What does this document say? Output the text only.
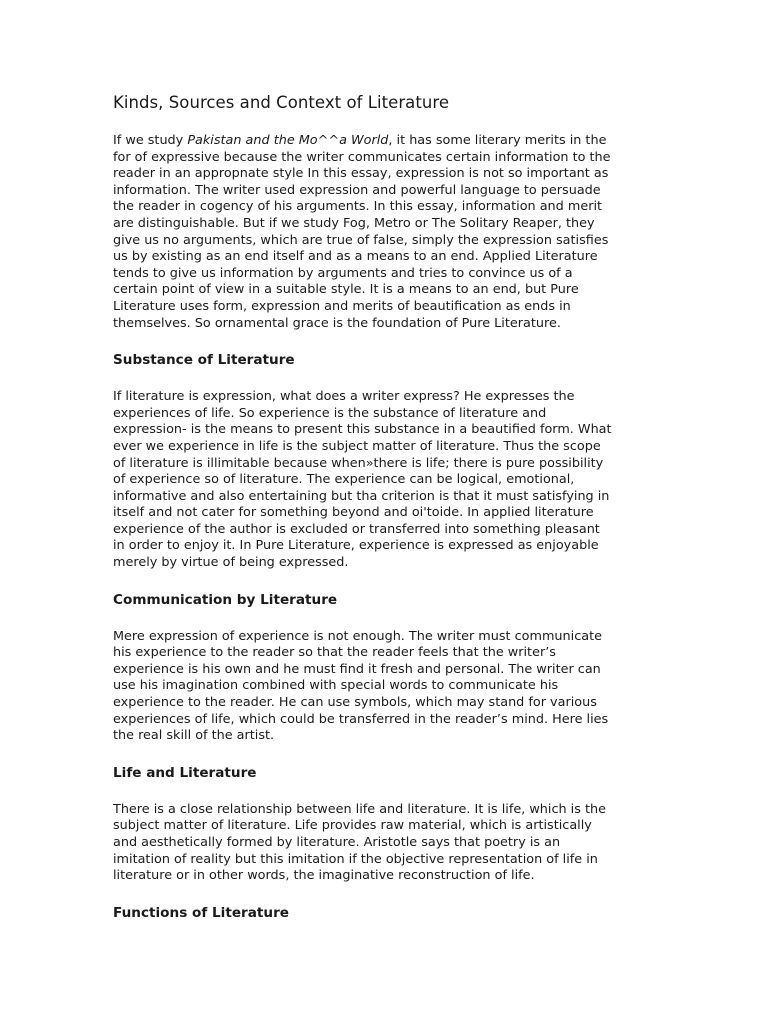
Kinds, Sources and Context of Literature
If we study Pakistan and the Mo^^a World, it has some literary merits in the
for of expressive because the writer communicates certain information to the
reader in an appropnate style In this essay, expression is not so important as
information. The writer used expression and powerful language to persuade
the reader in cogency of his arguments. In this essay, information and merit
are distinguishable. But if we study Fog, Metro or The Solitary Reaper, they
give us no arguments, which are true of false, simply the expression satisfies
us by existing as an end itself and as a means to an end. Applied Literature
tends to give us information by arguments and tries to convince us of a
certain point of view in a suitable style. It is a means to an end, but Pure
Literature uses form, expression and merits of beautification as ends in
themselves. So ornamental grace is the foundation of Pure Literature.
Substance of Literature
If literature is expression, what does a writer express? He expresses the
experiences of life. So experience is the substance of literature and
expression- is the means to present this substance in a beautified form. What
ever we experience in life is the subject matter of literature. Thus the scope
of literature is illimitable because when»there is life; there is pure possibility
of experience so of literature. The experience can be logical, emotional,
informative and also entertaining but tha criterion is that it must satisfying in
itself and not cater for something beyond and oi'toide. In applied literature
experience of the author is excluded or transferred into something pleasant
in order to enjoy it. In Pure Literature, experience is expressed as enjoyable
merely by virtue of being expressed.
Communication by Literature
Mere expression of experience is not enough. The writer must communicate
his experience to the reader so that the reader feels that the writer’s
experience is his own and he must find it fresh and personal. The writer can
use his imagination combined with special words to communicate his
experience to the reader. He can use symbols, which may stand for various
experiences of life, which could be transferred in the reader’s mind. Here lies
the real skill of the artist.
Life and Literature
There is a close relationship between life and literature. It is life, which is the
subject matter of literature. Life provides raw material, which is artistically
and aesthetically formed by literature. Aristotle says that poetry is an
imitation of reality but this imitation if the objective representation of life in
literature or in other words, the imaginative reconstruction of life.
Functions of Literature
